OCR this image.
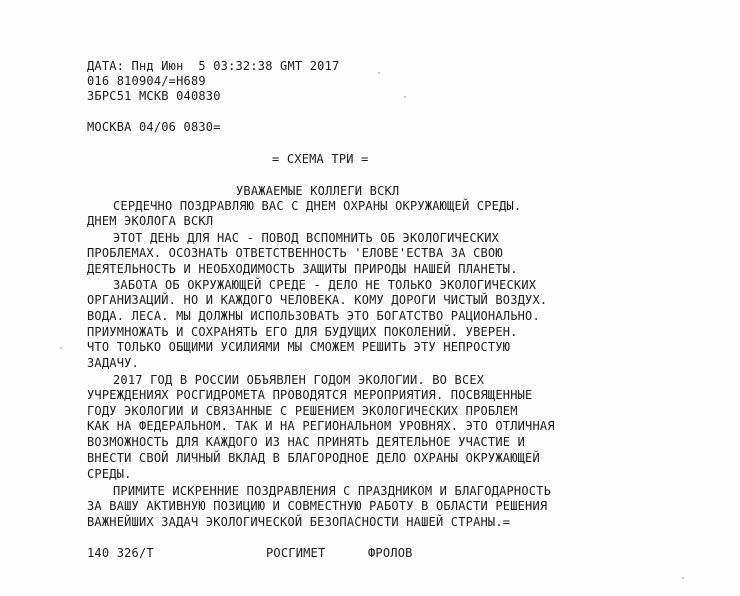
ДАТА: Пнд Июн  5 03:32:38 GMT 2017
016 810904/=Н689
ЗБРС51 МСКВ 040830
МОСКВА 04/06 0830=
= СХЕМА ТРИ =
УВАЖАЕМЫЕ КОЛЛЕГИ ВСКЛ
СЕРДЕЧНО ПОЗДРАВЛЯЮ ВАС С ДНЕМ ОХРАНЫ ОКРУЖАЮЩЕЙ СРЕДЫ.
ДНЕМ ЭКОЛОГА ВСКЛ
ЭТОТ ДЕНЬ ДЛЯ НАС - ПОВОД ВСПОМНИТЬ ОБ ЭКОЛОГИЧЕСКИХ
ПРОБЛЕМАХ. ОСОЗНАТЬ ОТВЕТСТВЕННОСТЬ 'ЕЛОВЕ'ЕСТВА ЗА СВОЮ
ДЕЯТЕЛЬНОСТЬ И НЕОБХОДИМОСТЬ ЗАЩИТЫ ПРИРОДЫ НАШЕЙ ПЛАНЕТЫ.
ЗАБОТА ОБ ОКРУЖАЮЩЕЙ СРЕДЕ - ДЕЛО НЕ ТОЛЬКО ЭКОЛОГИЧЕСКИХ
ОРГАНИЗАЦИЙ. НО И КАЖДОГО ЧЕЛОВЕКА. КОМУ ДОРОГИ ЧИСТЫЙ ВОЗДУХ.
ВОДА. ЛЕСА. МЫ ДОЛЖНЫ ИСПОЛЬЗОВАТЬ ЭТО БОГАТСТВО РАЦИОНАЛЬНО.
ПРИУМНОЖАТЬ И СОХРАНЯТЬ ЕГО ДЛЯ БУДУЩИХ ПОКОЛЕНИЙ. УВЕРЕН.
ЧТО ТОЛЬКО ОБЩИМИ УСИЛИЯМИ МЫ СМОЖЕМ РЕШИТЬ ЭТУ НЕПРОСТУЮ
ЗАДАЧУ.
2017 ГОД В РОССИИ ОБЪЯВЛЕН ГОДОМ ЭКОЛОГИИ. ВО ВСЕХ
УЧРЕЖДЕНИЯХ РОСГИДРОМЕТА ПРОВОДЯТСЯ МЕРОПРИЯТИЯ. ПОСВЯЩЕННЫЕ
ГОДУ ЭКОЛОГИИ И СВЯЗАННЫЕ С РЕШЕНИЕМ ЭКОЛОГИЧЕСКИХ ПРОБЛЕМ
КАК НА ФЕДЕРАЛЬНОМ. ТАК И НА РЕГИОНАЛЬНОМ УРОВНЯХ. ЭТО ОТЛИЧНАЯ
ВОЗМОЖНОСТЬ ДЛЯ КАЖДОГО ИЗ НАС ПРИНЯТЬ ДЕЯТЕЛЬНОЕ УЧАСТИЕ И
ВНЕСТИ СВОЙ ЛИЧНЫЙ ВКЛАД В БЛАГОРОДНОЕ ДЕЛО ОХРАНЫ ОКРУЖАЮЩЕЙ
СРЕДЫ.
ПРИМИТЕ ИСКРЕННИЕ ПОЗДРАВЛЕНИЯ С ПРАЗДНИКОМ И БЛАГОДАРНОСТЬ
ЗА ВАШУ АКТИВНУЮ ПОЗИЦИЮ И СОВМЕСТНУЮ РАБОТУ В ОБЛАСТИ РЕШЕНИЯ
ВАЖНЕЙШИХ ЗАДАЧ ЭКОЛОГИЧЕСКОЙ БЕЗОПАСНОСТИ НАШЕЙ СТРАНЫ.=
140 326/Т	РОСГИМЕТ	ФРОЛОВ
